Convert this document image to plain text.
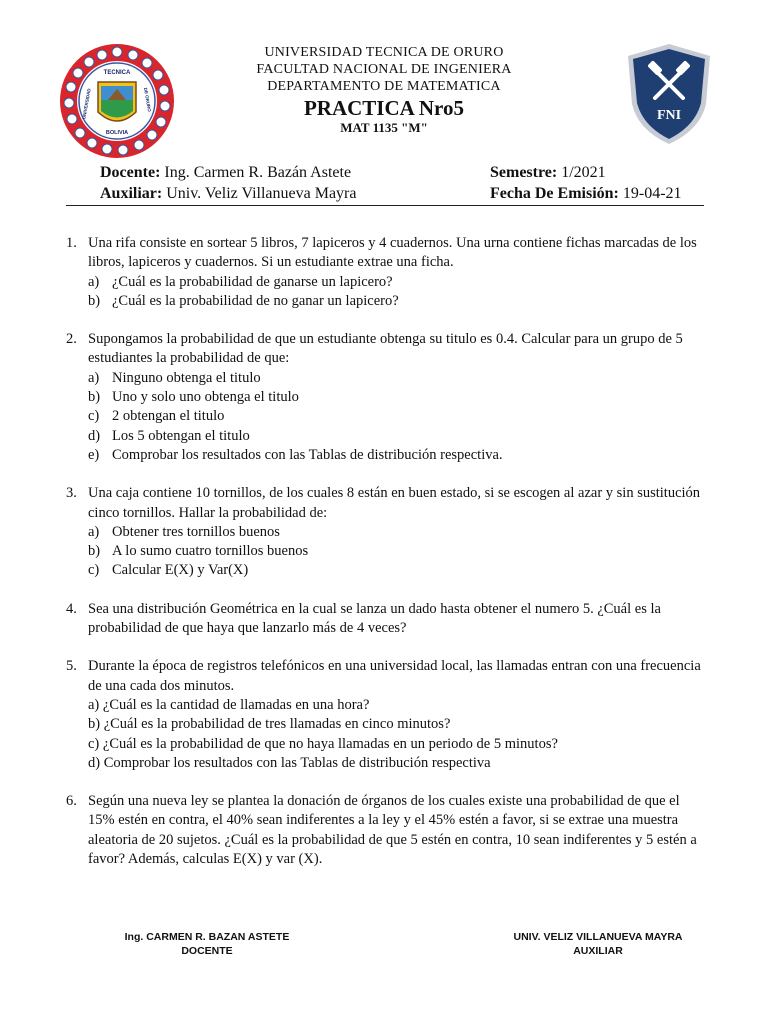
TECNICA
BOLIVIA
UNIVERSIDAD	DE ORURO
FNI
UNIVERSIDAD TECNICA DE ORURO
FACULTAD NACIONAL DE INGENIERA
DEPARTAMENTO DE MATEMATICA
PRACTICA Nro5
MAT 1135 "M"
Docente: Ing. Carmen R. Bazán Astete	Semestre: 1/2021
Auxiliar: Univ. Veliz Villanueva Mayra	Fecha De Emisión: 19-04-21
1. Una rifa consiste en sortear 5 libros, 7 lapiceros y 4 cuadernos. Una urna contiene fichas marcadas de los libros, lapiceros y cuadernos. Si un estudiante extrae una ficha.
a) ¿Cuál es la probabilidad de ganarse un lapicero?
b) ¿Cuál es la probabilidad de no ganar un lapicero?
2. Supongamos la probabilidad de que un estudiante obtenga su titulo es 0.4. Calcular para un grupo de 5 estudiantes la probabilidad de que:
a) Ninguno obtenga el titulo
b) Uno y solo uno obtenga el titulo
c) 2 obtengan el titulo
d) Los 5 obtengan el titulo
e) Comprobar los resultados con las Tablas de distribución respectiva.
3. Una caja contiene 10 tornillos, de los cuales 8 están en buen estado, si se escogen al azar y sin sustitución cinco tornillos. Hallar la probabilidad de:
a) Obtener tres tornillos buenos
b) A lo sumo cuatro tornillos buenos
c) Calcular E(X) y Var(X)
4. Sea una distribución Geométrica en la cual se lanza un dado hasta obtener el numero 5. ¿Cuál es la probabilidad de que haya que lanzarlo más de 4 veces?
5. Durante la época de registros telefónicos en una universidad local, las llamadas entran con una frecuencia de una cada dos minutos.
a) ¿Cuál es la cantidad de llamadas en una hora?
b) ¿Cuál es la probabilidad de tres llamadas en cinco minutos?
c) ¿Cuál es la probabilidad de que no haya llamadas en un periodo de 5 minutos?
d) Comprobar los resultados con las Tablas de distribución respectiva
6. Según una nueva ley se plantea la donación de órganos de los cuales existe una probabilidad de que el 15% estén en contra, el 40% sean indiferentes a la ley y el 45% estén a favor, si se extrae una muestra aleatoria de 20 sujetos. ¿Cuál es la probabilidad de que 5 estén en contra, 10 sean indiferentes y 5 estén a favor? Además, calculas E(X) y var (X).
Ing. CARMEN R. BAZAN ASTETE
DOCENTE
UNIV. VELIZ VILLANUEVA MAYRA
AUXILIAR
